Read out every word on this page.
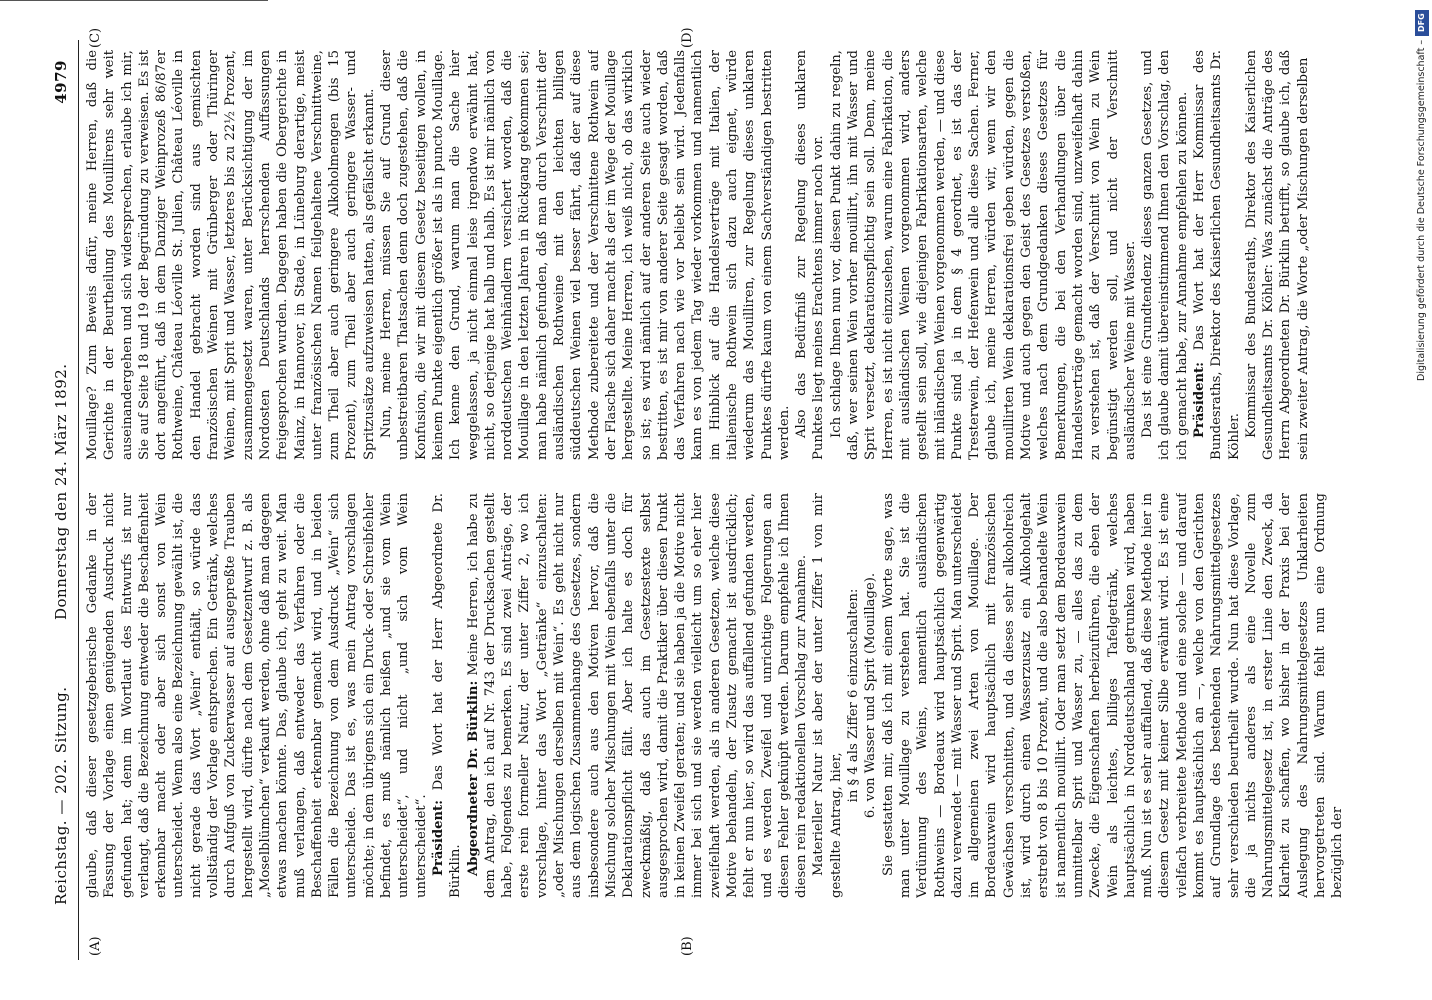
Reichstag. — 202. Sitzung.
Donnerstag den 24. März 1892.
4979
(A)	(B)
(C)	(D)

glaube, daß dieser gesetzgeberische Gedanke in der Fassung der Vorlage einen genügenden Ausdruck nicht gefunden hat; denn im Wortlaut des Entwurfs ist nur verlangt, daß die Bezeichnung entweder die Beschaffenheit erkennbar macht oder aber sich sonst von Wein unterscheidet. Wenn also eine Bezeichnung gewählt ist, die nicht gerade das Wort „Wein“ enthält, so würde das vollständig der Vorlage entsprechen. Ein Getränk, welches durch Aufguß von Zuckerwasser auf ausgepreßte Trauben hergestellt wird, dürfte nach dem Gesetzentwurf z. B. als „Moselblümchen“ verkauft werden, ohne daß man dagegen etwas machen könnte. Das, glaube ich, geht zu weit. Man muß verlangen, daß entweder das Verfahren oder die Beschaffenheit erkennbar gemacht wird, und in beiden Fällen die Bezeichnung von dem Ausdruck „Wein“ sich unterscheide. Das ist es, was mein Antrag vorschlagen möchte; in dem übrigens sich ein Druck- oder Schreibfehler befindet, es muß nämlich heißen „und sie vom Wein unterscheidet“, und nicht „und sich vom Wein unterscheidet“. Präsident: Das Wort hat der Herr Abgeordnete Dr. Bürklin. Abgeordneter Dr. Bürklin: Meine Herren, ich habe zu dem Antrag, den ich auf Nr. 743 der Drucksachen gestellt habe, Folgendes zu bemerken. Es sind zwei Anträge, der erste rein formeller Natur, der unter Ziffer 2, wo ich vorschlage, hinter das Wort „Getränke“ einzuschalten: „oder Mischungen derselben mit Wein“. Es geht nicht nur aus dem logischen Zusammenhange des Gesetzes, sondern insbesondere auch aus den Motiven hervor, daß die Mischung solcher Mischungen mit Wein ebenfalls unter die Deklarationspflicht fällt. Aber ich halte es doch für zweckmäßig, daß das auch im Gesetzestexte selbst ausgesprochen wird, damit die Praktiker über diesen Punkt in keinen Zweifel geraten; und sie haben ja die Motive nicht immer bei sich und sie werden vielleicht um so eher hier zweifelhaft werden, als in anderen Gesetzen, welche diese Motive behandeln, der Zusatz gemacht ist ausdrücklich; fehlt er nun hier, so wird das auffallend gefunden werden, und es werden Zweifel und unrichtige Folgerungen an diesen Fehler geknüpft werden. Darum empfehle ich Ihnen diesen rein redaktionellen Vorschlag zur Annahme. Materieller Natur ist aber der unter Ziffer 1 von mir gestellte Antrag, hier,

in § 4 als Ziffer 6 einzuschalten: 6. von Wasser und Sprit (Mouillage). Sie gestatten mir, daß ich mit einem Worte sage, was man unter Mouillage zu verstehen hat. Sie ist die Verdünnung des Weins, namentlich ausländischen Rothweins — Bordeaux wird hauptsächlich gegenwärtig dazu verwendet — mit Wasser und Sprit. Man unterscheidet im allgemeinen zwei Arten von Mouillage. Der Bordeauxwein wird hauptsächlich mit französischen Gewächsen verschnitten, und da dieses sehr alkoholreich ist, wird durch einen Wasserzusatz ein Alkoholgehalt erstrebt von 8 bis 10 Prozent, und die also behandelte Wein ist namentlich mouillirt. Oder man setzt dem Bordeauxwein unmittelbar Sprit und Wasser zu, — alles das zu dem Zwecke, die Eigenschaften herbeizuführen, die eben der Wein als leichtes, billiges Tafelgetränk, welches hauptsächlich in Norddeutschland getrunken wird, haben muß. Nun ist es sehr auffallend, daß diese Methode hier in diesem Gesetz mit keiner Silbe erwähnt wird. Es ist eine vielfach verbreitete Methode und eine solche — und darauf kommt es hauptsächlich an —, welche von den Gerichten auf Grundlage des bestehenden Nahrungsmittelgesetzes sehr verschieden beurtheilt wurde. Nun hat diese Vorlage, die ja nichts anderes als eine Novelle zum Nahrungsmittelgesetz ist, in erster Linie den Zweck, da Klarheit zu schaffen, wo bisher in der Praxis bei der Auslegung des Nahrungsmittelgesetzes Unklarheiten hervorgetreten sind. Warum fehlt nun eine Ordnung bezüglich der

Mouillage? Zum Beweis dafür, meine Herren, daß die Gerichte in der Beurtheilung des Mouillirens sehr weit auseinandergehen und sich widersprechen, erlaube ich mir, Sie auf Seite 18 und 19 der Begründung zu verweisen. Es ist dort angeführt, daß in dem Danziger Weinprozeß 86/87er Rothweine, Château Léoville St. Julien, Château Léoville in den Handel gebracht worden sind aus gemischten französischen Weinen mit Grünberger oder Thüringer Weinen, mit Sprit und Wasser, letzteres bis zu 22½ Prozent, zusammengesetzt waren, unter Berücksichtigung der im Nordosten Deutschlands herrschenden Auffassungen freigesprochen wurden. Dagegen haben die Obergerichte in Mainz, in Hannover, in Stade, in Lüneburg derartige, meist unter französischen Namen feilgehaltene Verschnittweine, zum Theil aber auch geringere Alkoholmengen (bis 15 Prozent), zum Theil aber auch geringere Wasser- und Spritzusätze aufzuweisen hatten, als gefälscht erkannt. Nun, meine Herren, müssen Sie auf Grund dieser unbestreitbaren Thatsachen denn doch zugestehen, daß die Konfusion, die wir mit diesem Gesetz beseitigen wollen, in keinem Punkte eigentlich größer ist als in puncto Mouillage. Ich kenne den Grund, warum man die Sache hier weggelassen, ja nicht einmal leise irgendwo erwähnt hat, nicht, so derjenige hat halb und halb. Es ist mir nämlich von norddeutschen Weinhändlern versichert worden, daß die Mouillage in den letzten Jahren in Rückgang gekommen sei; man habe nämlich gefunden, daß man durch Verschnitt der ausländischen Rothweine mit den leichten billigen süddeutschen Weinen viel besser fährt, daß der auf diese Methode zubereitete und der Verschnittene Rothwein auf der Flasche sich daher macht als der im Wege der Mouillage hergestellte. Meine Herren, ich weiß nicht, ob das wirklich so ist; es wird nämlich auf der anderen Seite auch wieder bestritten, es ist mir von anderer Seite gesagt worden, daß das Verfahren nach wie vor beliebt sein wird. Jedenfalls kann es von jedem Tag wieder vorkommen und namentlich im Hinblick auf die Handelsverträge mit Italien, der italienische Rothwein sich dazu auch eignet, würde wiederum das Mouilliren, zur Regelung dieses unklaren Punktes dürfte kaum von einem Sachverständigen bestritten werden. Also das Bedürfniß zur Regelung dieses unklaren Punktes liegt meines Erachtens immer noch vor. Ich schlage Ihnen nun vor, diesen Punkt dahin zu regeln, daß, wer seinen Wein vorher mouillirt, ihn mit Wasser und Sprit versetzt, deklarationspflichtig sein soll. Denn, meine Herren, es ist nicht einzusehen, warum eine Fabrikation, die mit ausländischen Weinen vorgenommen wird, anders gestellt sein soll, wie diejenigen Fabrikationsarten, welche mit inländischen Weinen vorgenommen werden, — und diese Punkte sind ja in dem § 4 geordnet, es ist das der Tresterwein, der Hefenwein und alle diese Sachen. Ferner, glaube ich, meine Herren, würden wir, wenn wir den mouillirten Wein deklarationsfrei geben würden, gegen die Motive und auch gegen den Geist des Gesetzes verstoßen, welches nach dem Grundgedanken dieses Gesetzes für Bemerkungen, die bei den Verhandlungen über die Handelsverträge gemacht worden sind, unzweifelhaft dahin zu verstehen ist, daß der Verschnitt von Wein zu Wein begünstigt werden soll, und nicht der Verschnitt ausländischer Weine mit Wasser. Das ist eine Grundtendenz dieses ganzen Gesetzes, und ich glaube damit übereinstimmend Ihnen den Vorschlag, den ich gemacht habe, zur Annahme empfehlen zu können. Präsident: Das Wort hat der Herr Kommissar des Bundesraths, Direktor des Kaiserlichen Gesundheitsamts Dr. Köhler. Kommissar des Bundesraths, Direktor des Kaiserlichen Gesundheitsamts Dr. Köhler: Was zunächst die Anträge des Herrn Abgeordneten Dr. Bürklin betrifft, so glaube ich, daß sein zweiter Antrag, die Worte „oder Mischungen derselben

DFG
Digitalisierung gefördert durch die Deutsche Forschungsgemeinschaft –
